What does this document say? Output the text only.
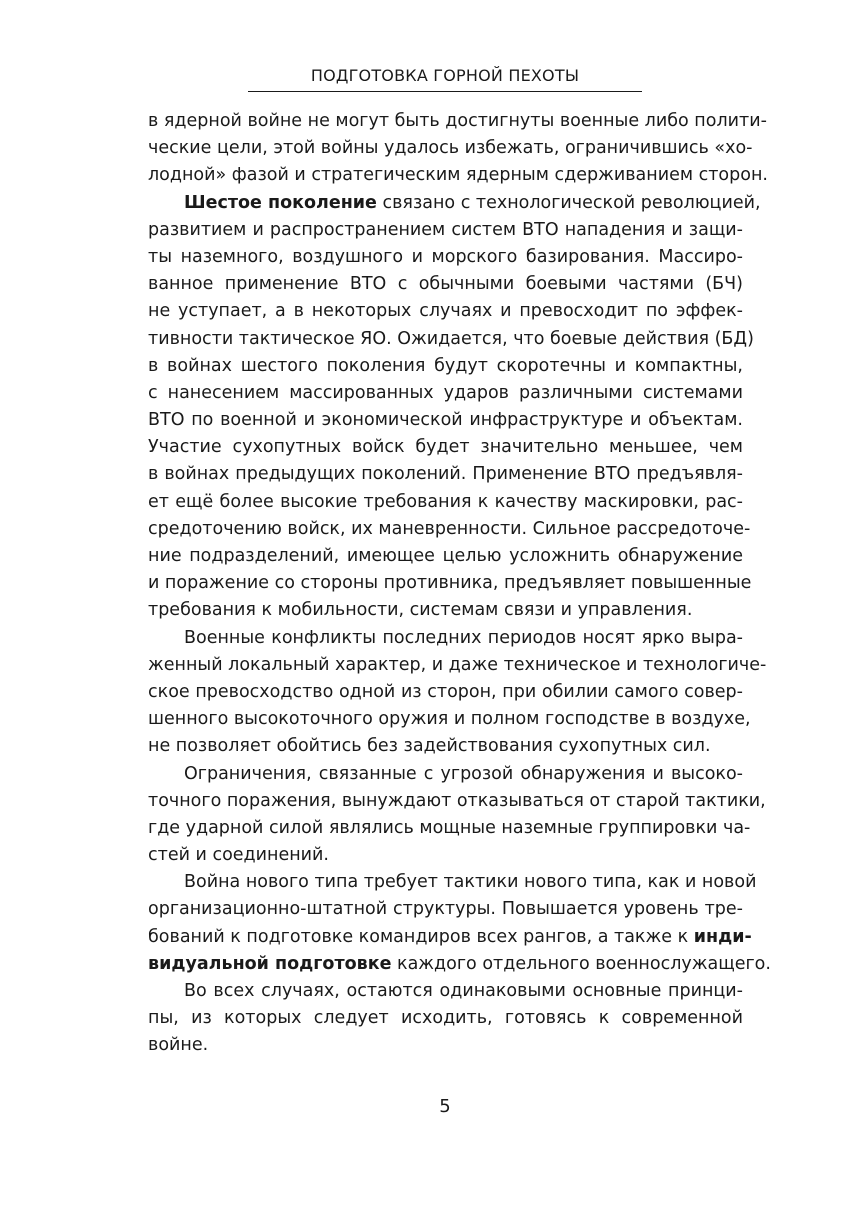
ПОДГОТОВКА ГОРНОЙ ПЕХОТЫ
в ядерной войне не могут быть достигнуты военные либо полити-
ческие цели, этой войны удалось избежать, ограничившись «хо-
лодной» фазой и стратегическим ядерным сдерживанием сторон.
Шестое поколение связано с технологической революцией,
развитием и распространением систем ВТО нападения и защи-
ты наземного, воздушного и морского базирования. Массиро-
ванное применение ВТО с обычными боевыми частями (БЧ)
не уступает, а в некоторых случаях и превосходит по эффек-
тивности тактическое ЯО. Ожидается, что боевые действия (БД)
в войнах шестого поколения будут скоротечны и компактны,
с нанесением массированных ударов различными системами
ВТО по военной и экономической инфраструктуре и объектам.
Участие сухопутных войск будет значительно меньшее, чем
в войнах предыдущих поколений. Применение ВТО предъявля-
ет ещё более высокие требования к качеству маскировки, рас-
средоточению войск, их маневренности. Сильное рассредоточе-
ние подразделений, имеющее целью усложнить обнаружение
и поражение со стороны противника, предъявляет повышенные
требования к мобильности, системам связи и управления.
Военные конфликты последних периодов носят ярко выра-
женный локальный характер, и даже техническое и технологиче-
ское превосходство одной из сторон, при обилии самого совер-
шенного высокоточного оружия и полном господстве в воздухе,
не позволяет обойтись без задействования сухопутных сил.
Ограничения, связанные с угрозой обнаружения и высоко-
точного поражения, вынуждают отказываться от старой тактики,
где ударной силой являлись мощные наземные группировки ча-
стей и соединений.
Война нового типа требует тактики нового типа, как и новой
организационно-штатной структуры. Повышается уровень тре-
бований к подготовке командиров всех рангов, а также к инди-
видуальной подготовке каждого отдельного военнослужащего.
Во всех случаях, остаются одинаковыми основные принци-
пы, из которых следует исходить, готовясь к современной
войне.
5
